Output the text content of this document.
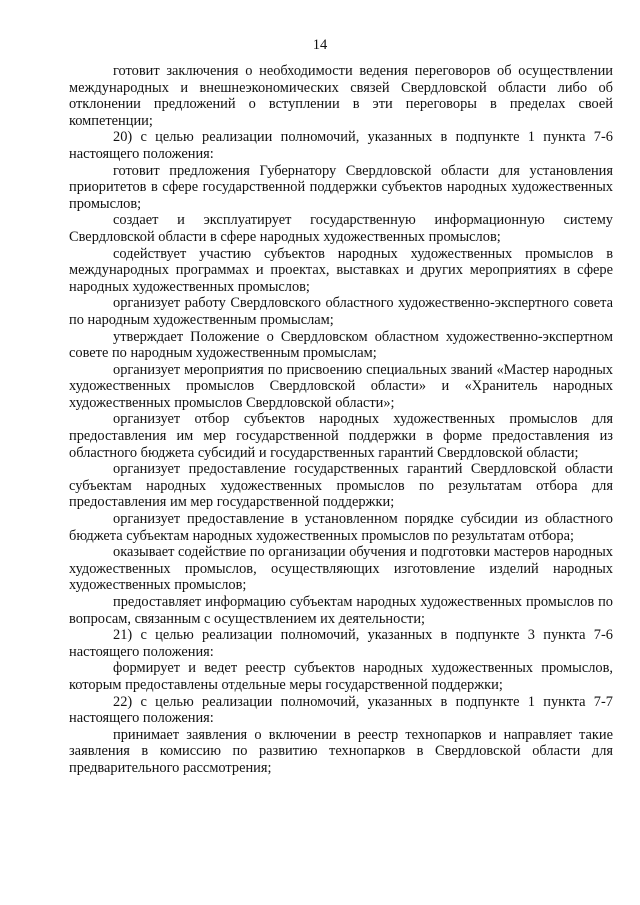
14

готовит заключения о необходимости ведения переговоров об осуществлении международных и внешнеэкономических связей Свердловской области либо об отклонении предложений о вступлении в эти переговоры в пределах своей компетенции;

20) с целью реализации полномочий, указанных в подпункте 1 пункта 7-6 настоящего положения:

готовит предложения Губернатору Свердловской области для установления приоритетов в сфере государственной поддержки субъектов народных художественных промыслов;

создает и эксплуатирует государственную информационную систему Свердловской области в сфере народных художественных промыслов;

содействует участию субъектов народных художественных промыслов в международных программах и проектах, выставках и других мероприятиях в сфере народных художественных промыслов;

организует работу Свердловского областного художественно-экспертного совета по народным художественным промыслам;

утверждает Положение о Свердловском областном художественно-экспертном совете по народным художественным промыслам;

организует мероприятия по присвоению специальных званий «Мастер народных художественных промыслов Свердловской области» и «Хранитель народных художественных промыслов Свердловской области»;

организует отбор субъектов народных художественных промыслов для предоставления им мер государственной поддержки в форме предоставления из областного бюджета субсидий и государственных гарантий Свердловской области;

организует предоставление государственных гарантий Свердловской области субъектам народных художественных промыслов по результатам отбора для предоставления им мер государственной поддержки;

организует предоставление в установленном порядке субсидии из областного бюджета субъектам народных художественных промыслов по результатам отбора;

оказывает содействие по организации обучения и подготовки мастеров народных художественных промыслов, осуществляющих изготовление изделий народных художественных промыслов;

предоставляет информацию субъектам народных художественных промыслов по вопросам, связанным с осуществлением их деятельности;

21) с целью реализации полномочий, указанных в подпункте 3 пункта 7-6 настоящего положения:

формирует и ведет реестр субъектов народных художественных промыслов, которым предоставлены отдельные меры государственной поддержки;

22) с целью реализации полномочий, указанных в подпункте 1 пункта 7-7 настоящего положения:

принимает заявления о включении в реестр технопарков и направляет такие заявления в комиссию по развитию технопарков в Свердловской области для предварительного рассмотрения;
